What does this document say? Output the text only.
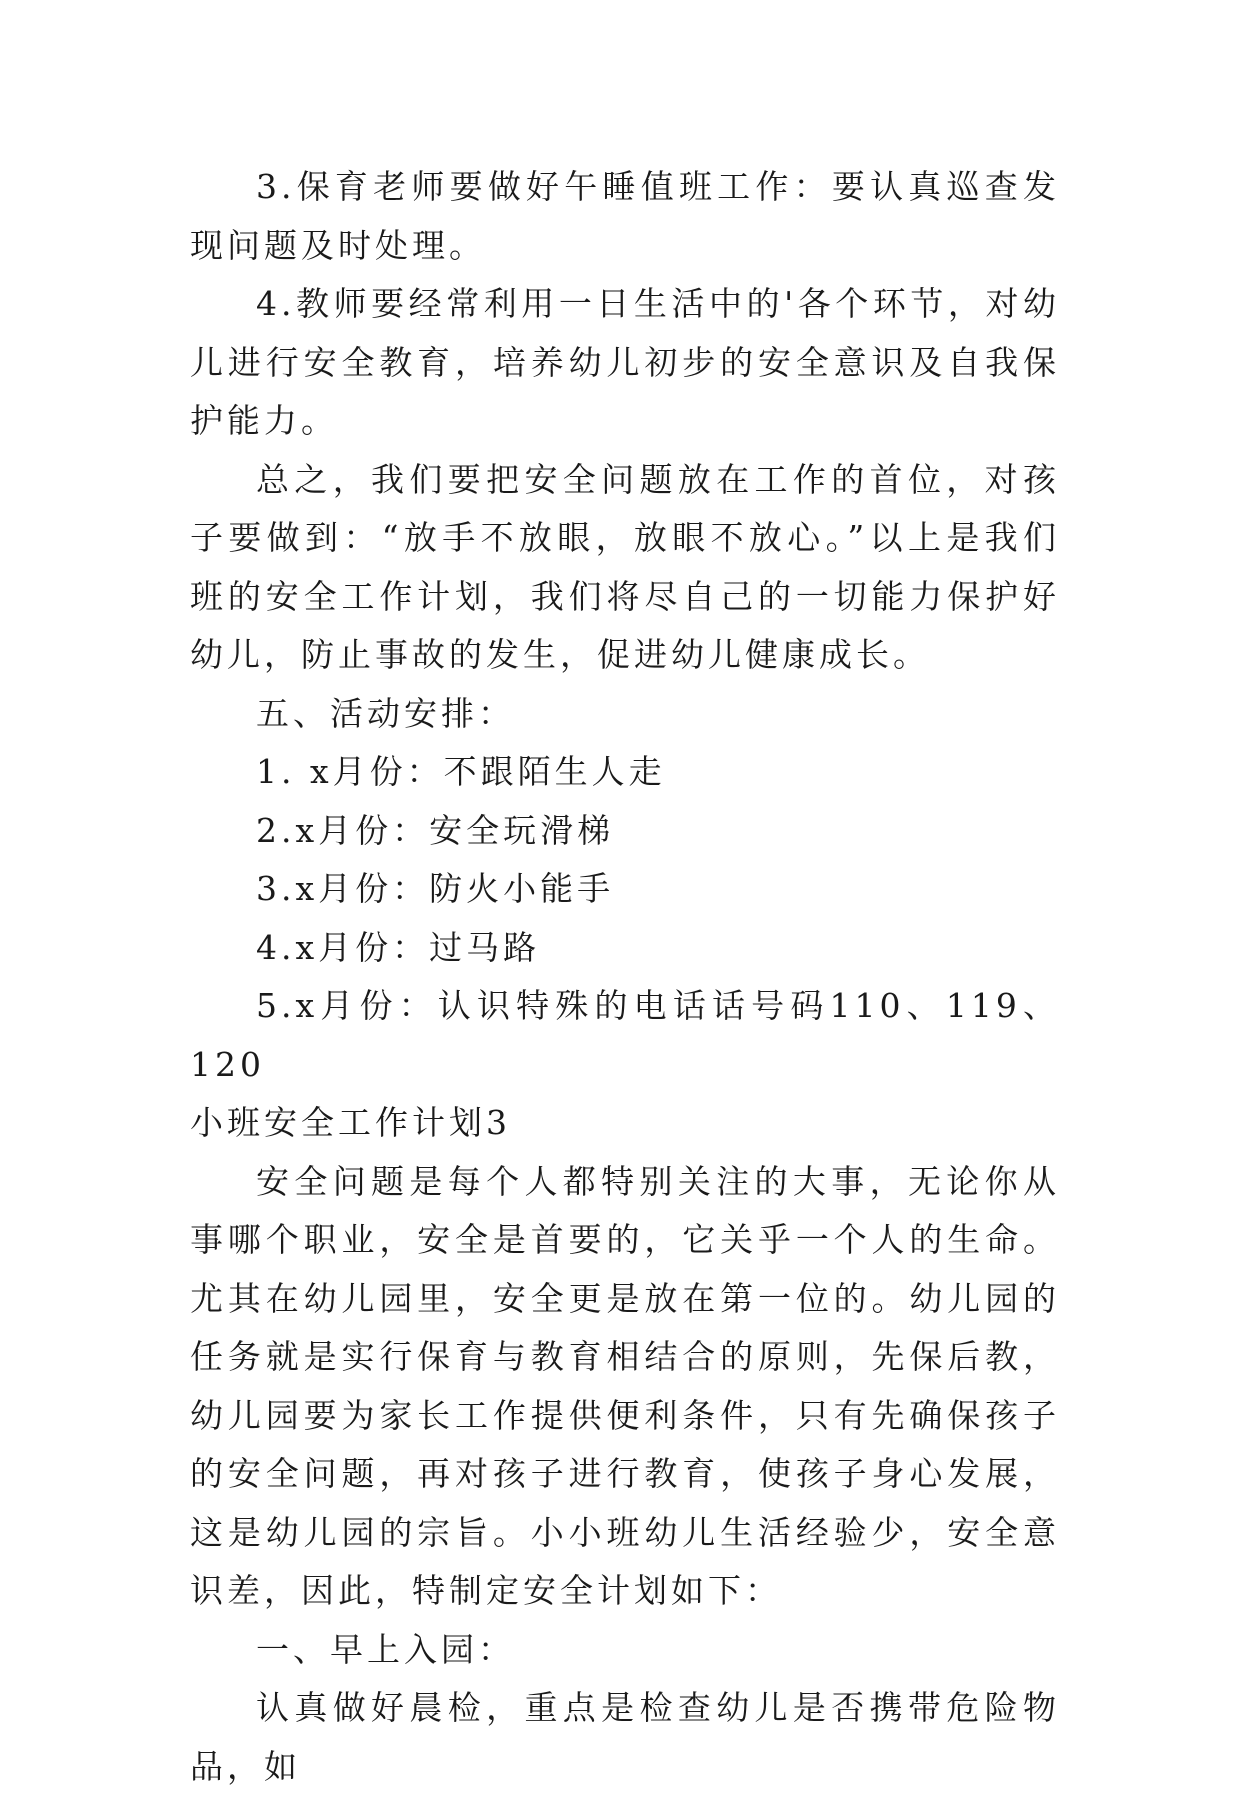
3.保育老师要做好午睡值班工作：要认真巡查发现问题及时处理。

4.教师要经常利用一日生活中的'各个环节，对幼儿进行安全教育，培养幼儿初步的安全意识及自我保护能力。

总之，我们要把安全问题放在工作的首位，对孩子要做到：“放手不放眼，放眼不放心。”以上是我们班的安全工作计划，我们将尽自己的一切能力保护好幼儿，防止事故的发生，促进幼儿健康成长。

五、活动安排：

1. x月份：不跟陌生人走

2.x月份：安全玩滑梯

3.x月份：防火小能手

4.x月份：过马路

5.x月份：认识特殊的电话话号码110、119、120

小班安全工作计划3

安全问题是每个人都特别关注的大事，无论你从事哪个职业，安全是首要的，它关乎一个人的生命。尤其在幼儿园里，安全更是放在第一位的。幼儿园的任务就是实行保育与教育相结合的原则，先保后教，幼儿园要为家长工作提供便利条件，只有先确保孩子的安全问题，再对孩子进行教育，使孩子身心发展，这是幼儿园的宗旨。小小班幼儿生活经验少，安全意识差，因此，特制定安全计划如下：

一、早上入园：

认真做好晨检，重点是检查幼儿是否携带危险物品，如
